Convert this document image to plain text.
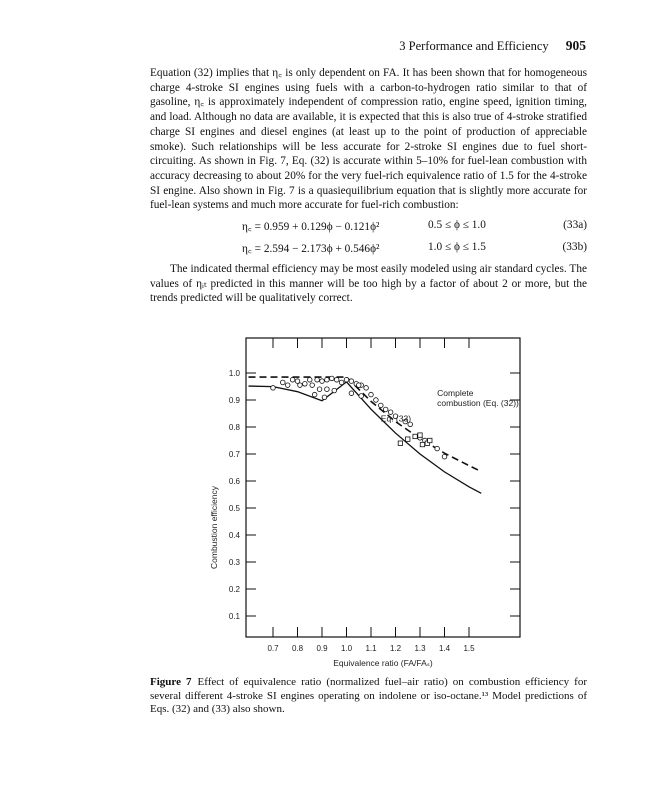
3 Performance and Efficiency 905

Equation (32) implies that η꜀ is only dependent on FA. It has been shown that for homogeneous charge 4-stroke SI engines using fuels with a carbon-to-hydrogen ratio similar to that of gasoline, η꜀ is approximately independent of compression ratio, engine speed, ignition timing, and load. Although no data are available, it is expected that this is also true of 4-stroke stratified charge SI engines and diesel engines (at least up to the point of production of appreciable smoke). Such relationships will be less accurate for 2-stroke SI engines due to fuel short-circuiting. As shown in Fig. 7, Eq. (32) is accurate within 5–10% for fuel-lean combustion with accuracy decreasing to about 20% for the very fuel-rich equivalence ratio of 1.5 for the 4-stroke SI engine. Also shown in Fig. 7 is a quasiequilibrium equation that is slightly more accurate for fuel-lean systems and much more accurate for fuel-rich combustion:

η꜀ = 0.959 + 0.129ϕ − 0.121ϕ²	0.5 ≤ ϕ ≤ 1.0	(33a)
η꜀ = 2.594 − 2.173ϕ + 0.546ϕ²	1.0 ≤ ϕ ≤ 1.5	(33b)

The indicated thermal efficiency may be most easily modeled using air standard cycles. The values of ηᵢₜ predicted in this manner will be too high by a factor of about 2 or more, but the trends predicted will be qualitatively correct.

0.7 0.8 0.9 1.0 1.1 1.2 1.3 1.4 1.5
0.1
0.2
0.3
0.4
0.5
0.6
0.7
0.8
0.9
1.0
Equivalence ratio (FA/FAₛ)
Combustion efficiency
Complete
combustion (Eq. (32))
Eq. (33)

Figure 7 Effect of equivalence ratio (normalized fuel–air ratio) on combustion efficiency for several different 4-stroke SI engines operating on indolene or iso-octane.¹³ Model predictions of Eqs. (32) and (33) also shown.
